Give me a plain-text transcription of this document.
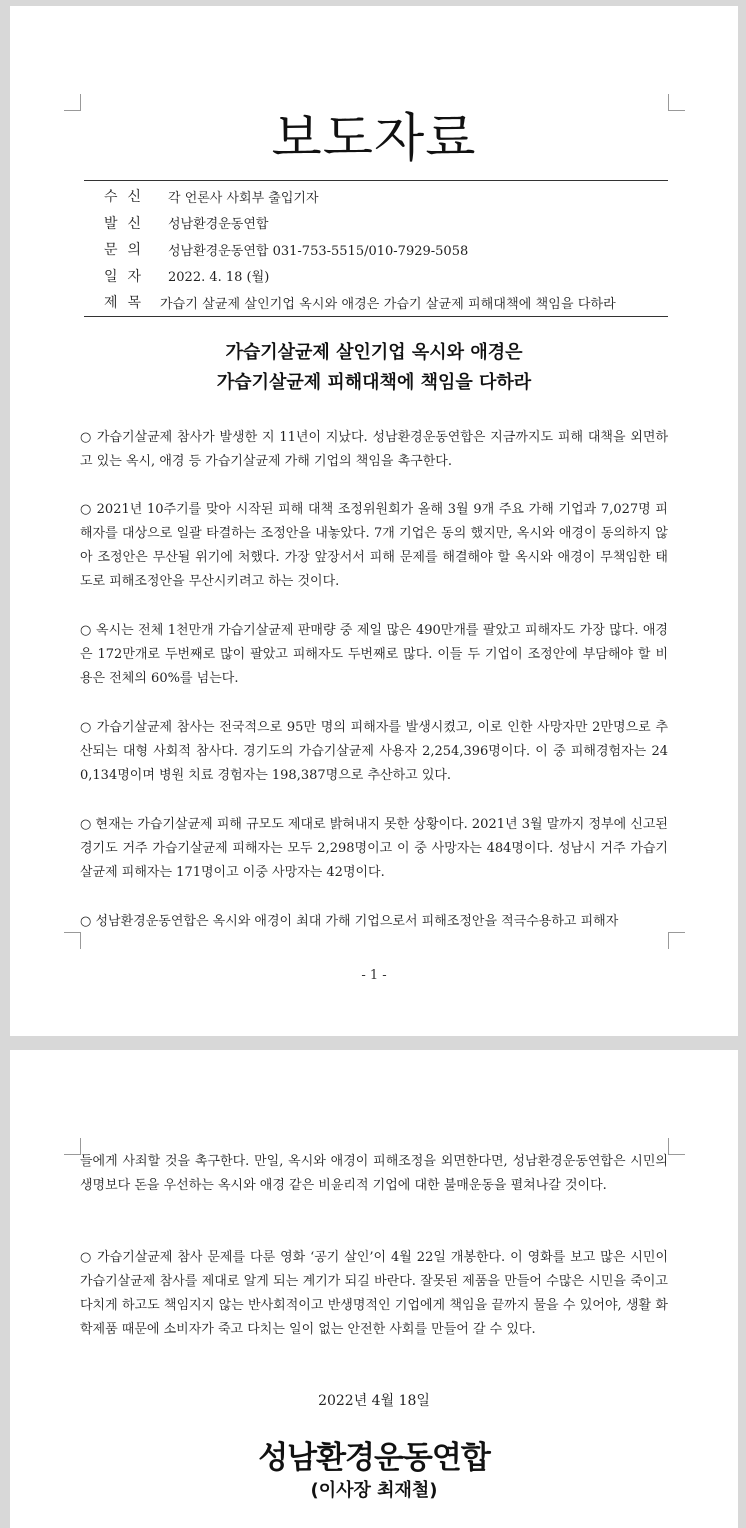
보도자료
수신	각 언론사 사회부 출입기자
발신	성남환경운동연합
문의	성남환경운동연합 031-753-5515/010-7929-5058
일자	2022. 4. 18 (월)
제목 가습기 살균제 살인기업 옥시와 애경은 가습기 살균제 피해대책에 책임을 다하라
가습기살균제 살인기업 옥시와 애경은
가습기살균제 피해대책에 책임을 다하라

○ 가습기살균제 참사가 발생한 지 11년이 지났다. 성남환경운동연합은 지금까지도 피해 대책을 외면하고 있는 옥시, 애경 등 가습기살균제 가해 기업의 책임을 촉구한다.

○ 2021년 10주기를 맞아 시작된 피해 대책 조정위원회가 올해 3월 9개 주요 가해 기업과 7,027명 피해자를 대상으로 일괄 타결하는 조정안을 내놓았다. 7개 기업은 동의 했지만, 옥시와 애경이 동의하지 않아 조정안은 무산될 위기에 처했다. 가장 앞장서서 피해 문제를 해결해야 할 옥시와 애경이 무책임한 태도로 피해조정안을 무산시키려고 하는 것이다.

○ 옥시는 전체 1천만개 가습기살균제 판매량 중 제일 많은 490만개를 팔았고 피해자도 가장 많다. 애경은 172만개로 두번째로 많이 팔았고 피해자도 두번째로 많다. 이들 두 기업이 조정안에 부담해야 할 비용은 전체의 60%를 넘는다.

○ 가습기살균제 참사는 전국적으로 95만 명의 피해자를 발생시켰고, 이로 인한 사망자만 2만명으로 추산되는 대형 사회적 참사다. 경기도의 가습기살균제 사용자 2,254,396명이다. 이 중 피해경험자는 240,134명이며 병원 치료 경험자는 198,387명으로 추산하고 있다.

○ 현재는 가습기살균제 피해 규모도 제대로 밝혀내지 못한 상황이다. 2021년 3월 말까지 정부에 신고된 경기도 거주 가습기살균제 피해자는 모두 2,298명이고 이 중 사망자는 484명이다. 성남시 거주 가습기살균제 피해자는 171명이고 이중 사망자는 42명이다.

○ 성남환경운동연합은 옥시와 애경이 최대 가해 기업으로서 피해조정안을 적극수용하고 피해자

- 1 -

들에게 사죄할 것을 촉구한다. 만일, 옥시와 애경이 피해조정을 외면한다면, 성남환경운동연합은 시민의 생명보다 돈을 우선하는 옥시와 애경 같은 비윤리적 기업에 대한 불매운동을 펼쳐나갈 것이다.

○ 가습기살균제 참사 문제를 다룬 영화 ‘공기 살인’이 4월 22일 개봉한다. 이 영화를 보고 많은 시민이 가습기살균제 참사를 제대로 알게 되는 계기가 되길 바란다. 잘못된 제품을 만들어 수많은 시민을 죽이고 다치게 하고도 책임지지 않는 반사회적이고 반생명적인 기업에게 책임을 끝까지 물을 수 있어야, 생활 화학제품 때문에 소비자가 죽고 다치는 일이 없는 안전한 사회를 만들어 갈 수 있다.

2022년 4월 18일
성남환경운동연합
(이사장 최재철)
